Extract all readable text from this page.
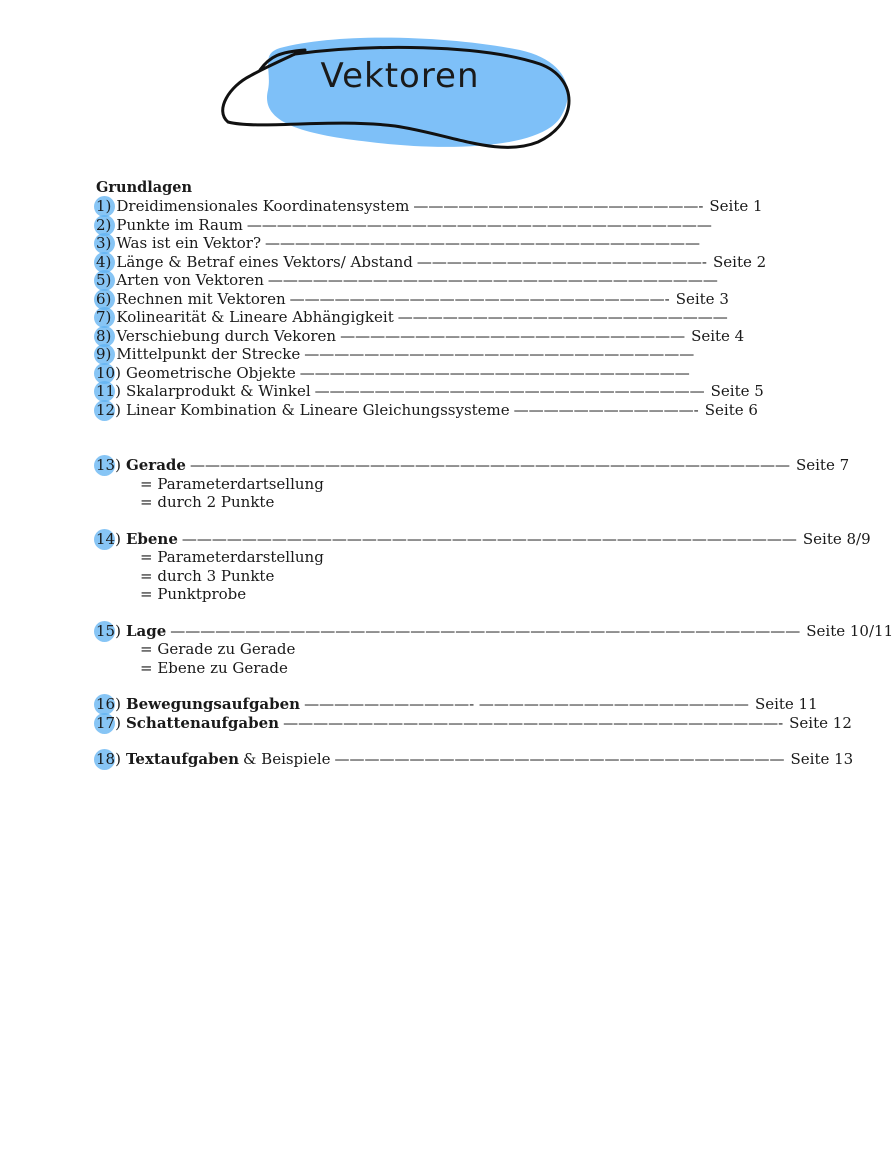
Vektoren
Grundlagen
1) Dreidimensionales Koordinatensystem ———————————————————- Seite 1
2) Punkte im Raum ———————————————————————————————
3) Was ist ein Vektor? —————————————————————————————
4) Länge & Betraf eines Vektors/ Abstand ———————————————————- Seite 2
5) Arten von Vektoren ——————————————————————————————
6) Rechnen mit Vektoren —————————————————————————- Seite 3
7) Kolinearität & Lineare Abhängigkeit ——————————————————————
8) Verschiebung durch Vekoren ——————————————————————— Seite 4
9) Mittelpunkt der Strecke ——————————————————————————
10) Geometrische Objekte ——————————————————————————
11) Skalarprodukt & Winkel —————————————————————————— Seite 5
12) Linear Kombination & Lineare Gleichungssysteme ————————————- Seite 6
13) Gerade ———————————————————————————————————————— Seite 7
= Parameterdartsellung
= durch 2 Punkte
14) Ebene ————————————————————————————————————————— Seite 8/9
= Parameterdarstellung
= durch 3 Punkte
= Punktprobe
15) Lage —————————————————————————————————————————— Seite 10/11
= Gerade zu Gerade
= Ebene zu Gerade
16) Bewegungsaufgaben ———————————- —————————————————— Seite 11
17) Schattenaufgaben —————————————————————————————————- Seite 12
18) Textaufgaben & Beispiele —————————————————————————————— Seite 13
